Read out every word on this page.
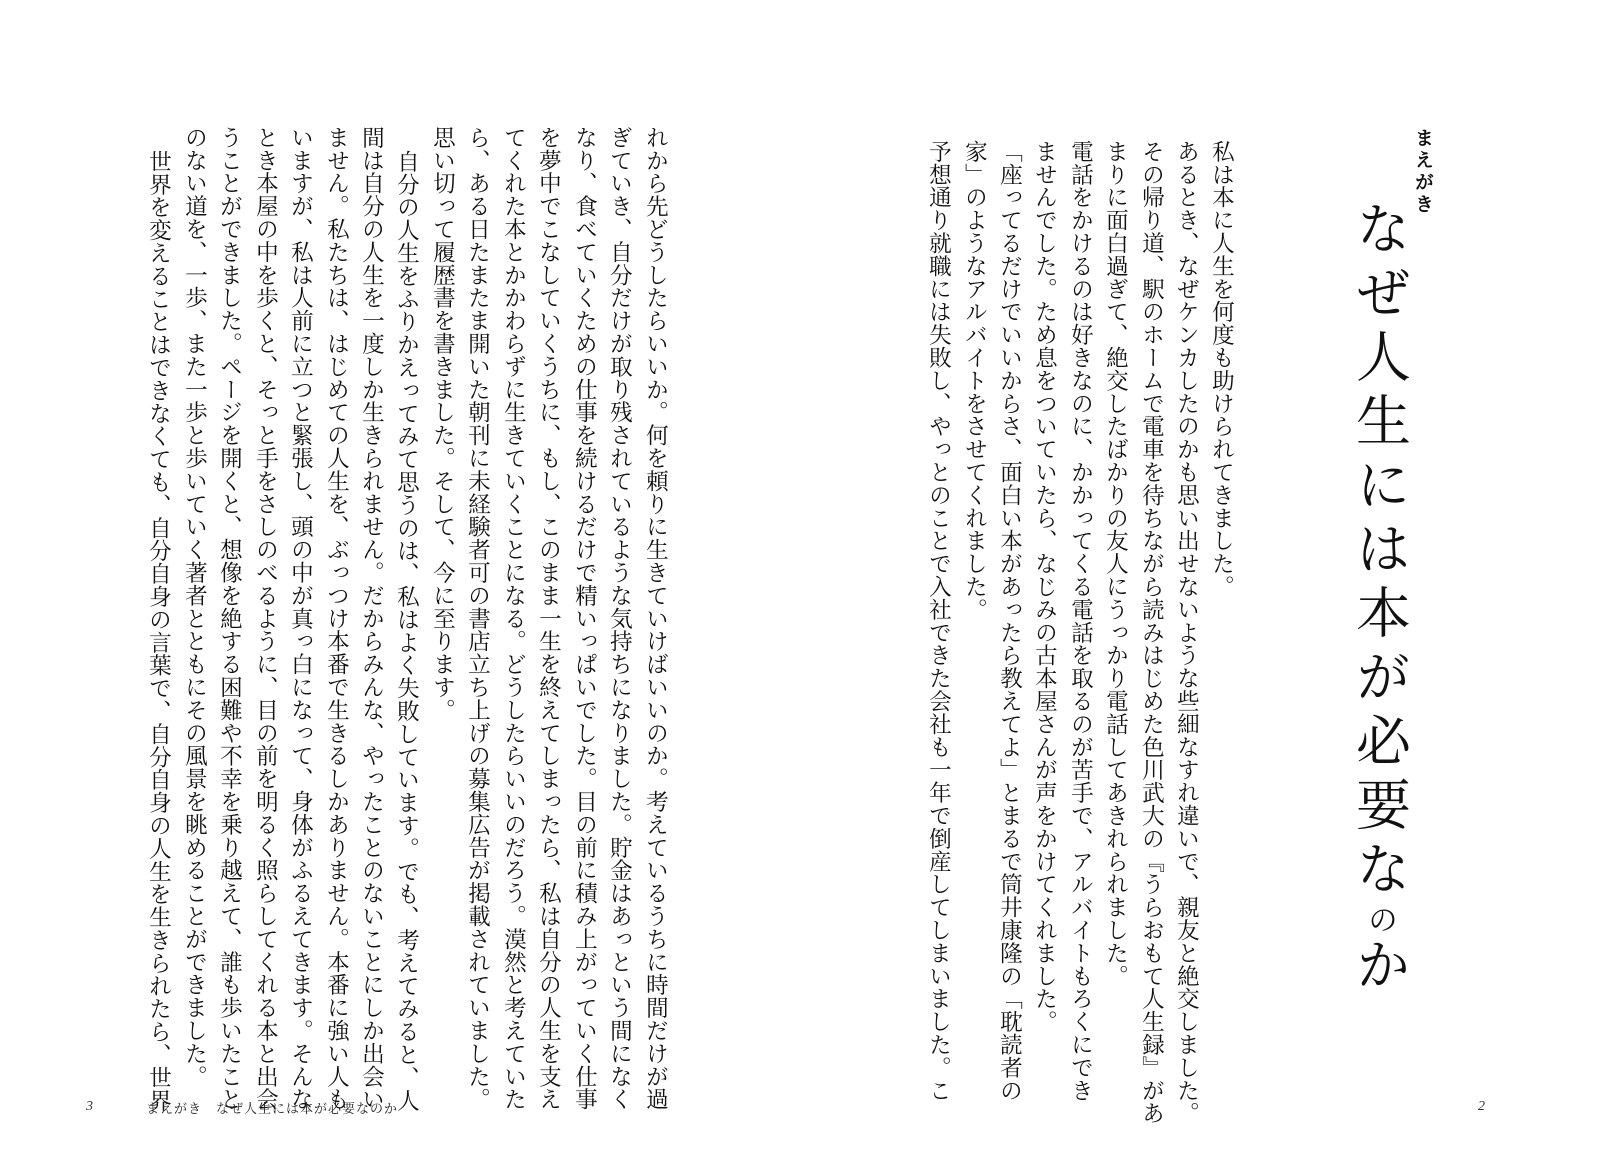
まえがき
なぜ人生には本が必要なのか
私は本に人生を何度も助けられてきました。
あるとき、なぜケンカしたのかも思い出せないような些細なすれ違いで、親友と絶交しました。
その帰り道、駅のホームで電車を待ちながら読みはじめた色川武大の『うらおもて人生録』があ
まりに面白過ぎて、絶交したばかりの友人にうっかり電話してあきれられました。
電話をかけるのは好きなのに、かかってくる電話を取るのが苦手で、アルバイトもろくにでき
ませんでした。ため息をついていたら、なじみの古本屋さんが声をかけてくれました。
「座ってるだけでいいからさ、面白い本があったら教えてよ」とまるで筒井康隆の「耽読者の
家」のようなアルバイトをさせてくれました。
予想通り就職には失敗し、やっとのことで入社できた会社も一年で倒産してしまいました。こ
2
れから先どうしたらいいか。何を頼りに生きていけばいいのか。考えているうちに時間だけが過
ぎていき、自分だけが取り残されているような気持ちになりました。貯金はあっという間になく
なり、食べていくための仕事を続けるだけで精いっぱいでした。目の前に積み上がっていく仕事
を夢中でこなしていくうちに、もし、このまま一生を終えてしまったら、私は自分の人生を支え
てくれた本とかかわらずに生きていくことになる。どうしたらいいのだろう。漠然と考えていた
ら、ある日たまたま開いた朝刊に未経験者可の書店立ち上げの募集広告が掲載されていました。
思い切って履歴書を書きました。そして、今に至ります。
自分の人生をふりかえってみて思うのは、私はよく失敗しています。でも、考えてみると、人
間は自分の人生を一度しか生きられません。だからみんな、やったことのないことにしか出会い
ません。私たちは、はじめての人生を、ぶっつけ本番で生きるしかありません。本番に強い人も
いますが、私は人前に立つと緊張し、頭の中が真っ白になって、身体がふるえてきます。そんな
とき本屋の中を歩くと、そっと手をさしのべるように、目の前を明るく照らしてくれる本と出会
うことができました。ページを開くと、想像を絶する困難や不幸を乗り越えて、誰も歩いたこと
のない道を、一歩、また一歩と歩いていく著者とともにその風景を眺めることができました。
世界を変えることはできなくても、自分自身の言葉で、自分自身の人生を生きられたら、世界
3	まえがき　なぜ人生には本が必要なのか
